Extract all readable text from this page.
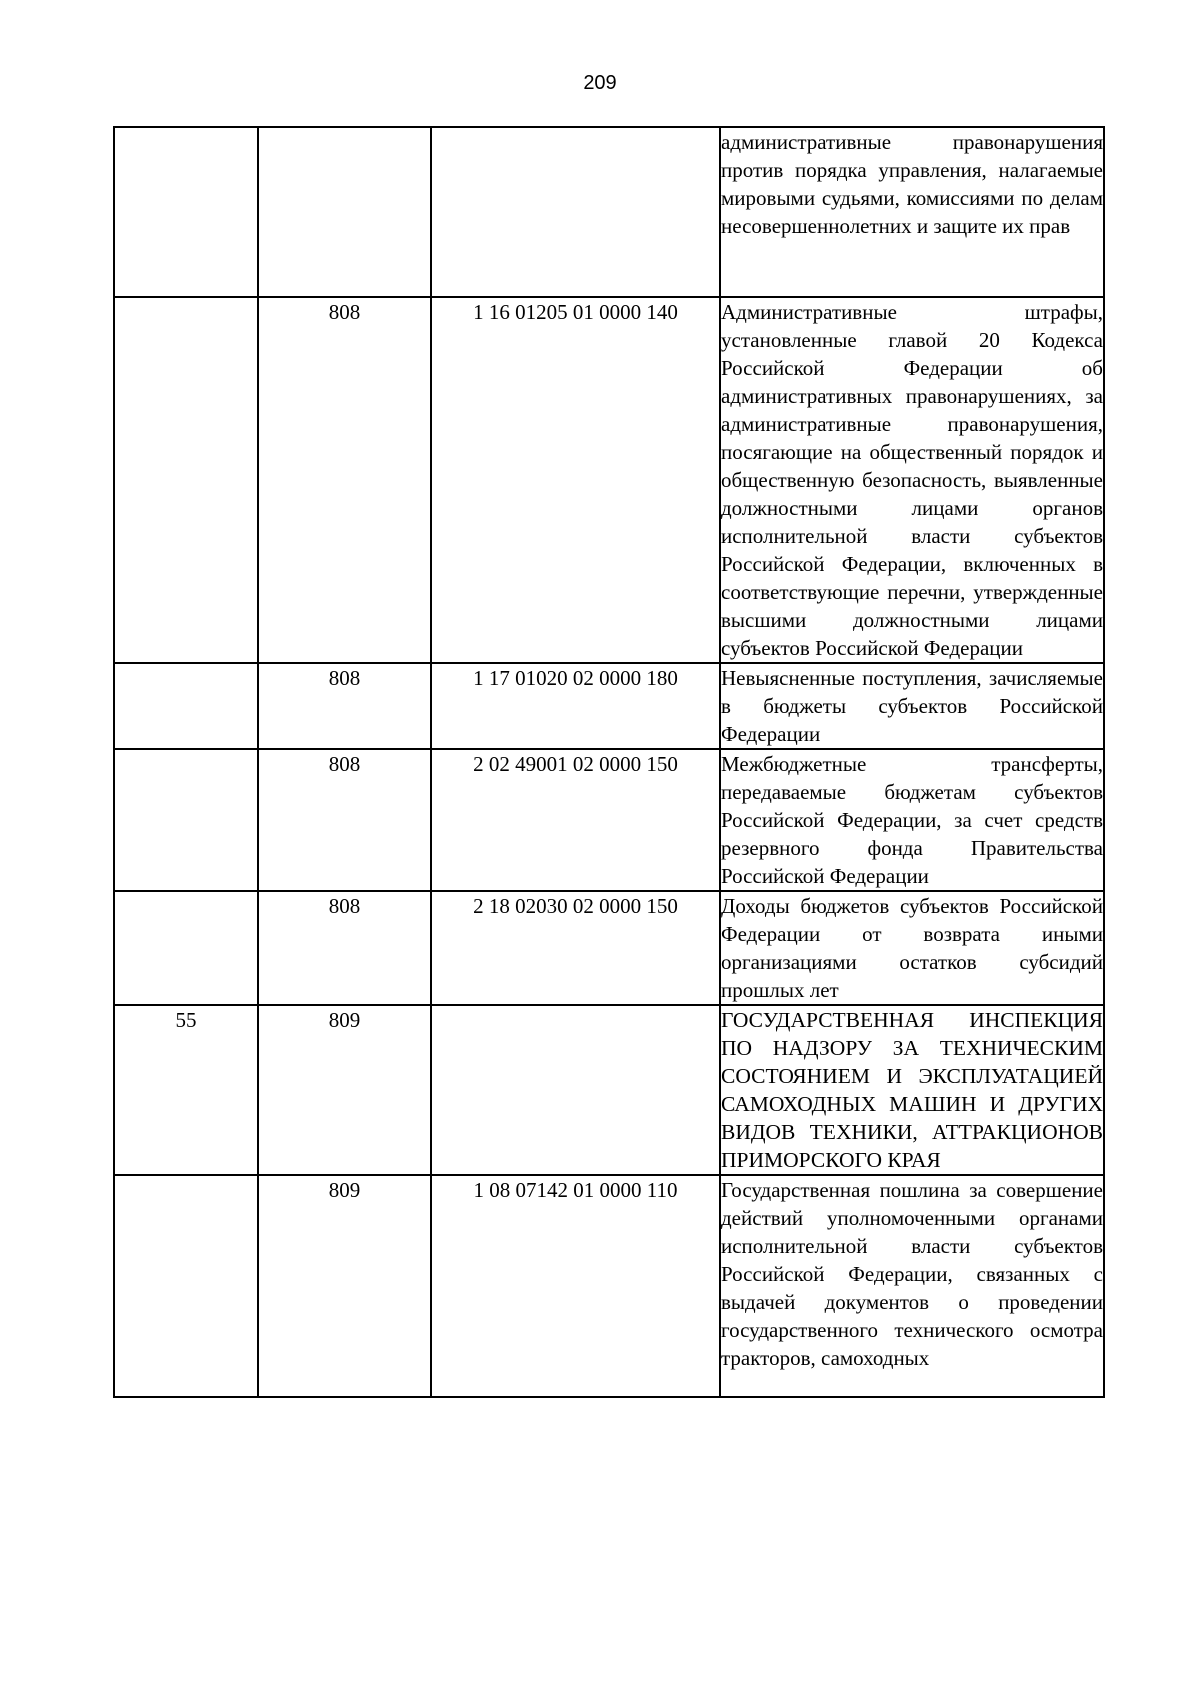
209
			административные правонарушения против порядка управления, налагаемые мировыми судьями, комиссиями по делам несовершеннолетних и защите их прав
	808	1 16 01205 01 0000 140	Административные штрафы, установленные главой 20 Кодекса Российской Федерации об административных правонарушениях, за административные правонарушения, посягающие на общественный порядок и общественную безопасность, выявленные должностными лицами органов исполнительной власти субъектов Российской Федерации, включенных в соответствующие перечни, утвержденные высшими должностными лицами субъектов Российской Федерации
	808	1 17 01020 02 0000 180	Невыясненные поступления, зачисляемые в бюджеты субъектов Российской Федерации
	808	2 02 49001 02 0000 150	Межбюджетные трансферты, передаваемые бюджетам субъектов Российской Федерации, за счет средств резервного фонда Правительства Российской Федерации
	808	2 18 02030 02 0000 150	Доходы бюджетов субъектов Российской Федерации от возврата иными организациями остатков субсидий прошлых лет
55	809		ГОСУДАРСТВЕННАЯ ИНСПЕКЦИЯ ПО НАДЗОРУ ЗА ТЕХНИЧЕСКИМ СОСТОЯНИЕМ И ЭКСПЛУАТАЦИЕЙ САМОХОДНЫХ МАШИН И ДРУГИХ ВИДОВ ТЕХНИКИ, АТТРАКЦИОНОВ ПРИМОРСКОГО КРАЯ
	809	1 08 07142 01 0000 110	Государственная пошлина за совершение действий уполномоченными органами исполнительной власти субъектов Российской Федерации, связанных с выдачей документов о проведении государственного технического осмотра тракторов, самоходных
